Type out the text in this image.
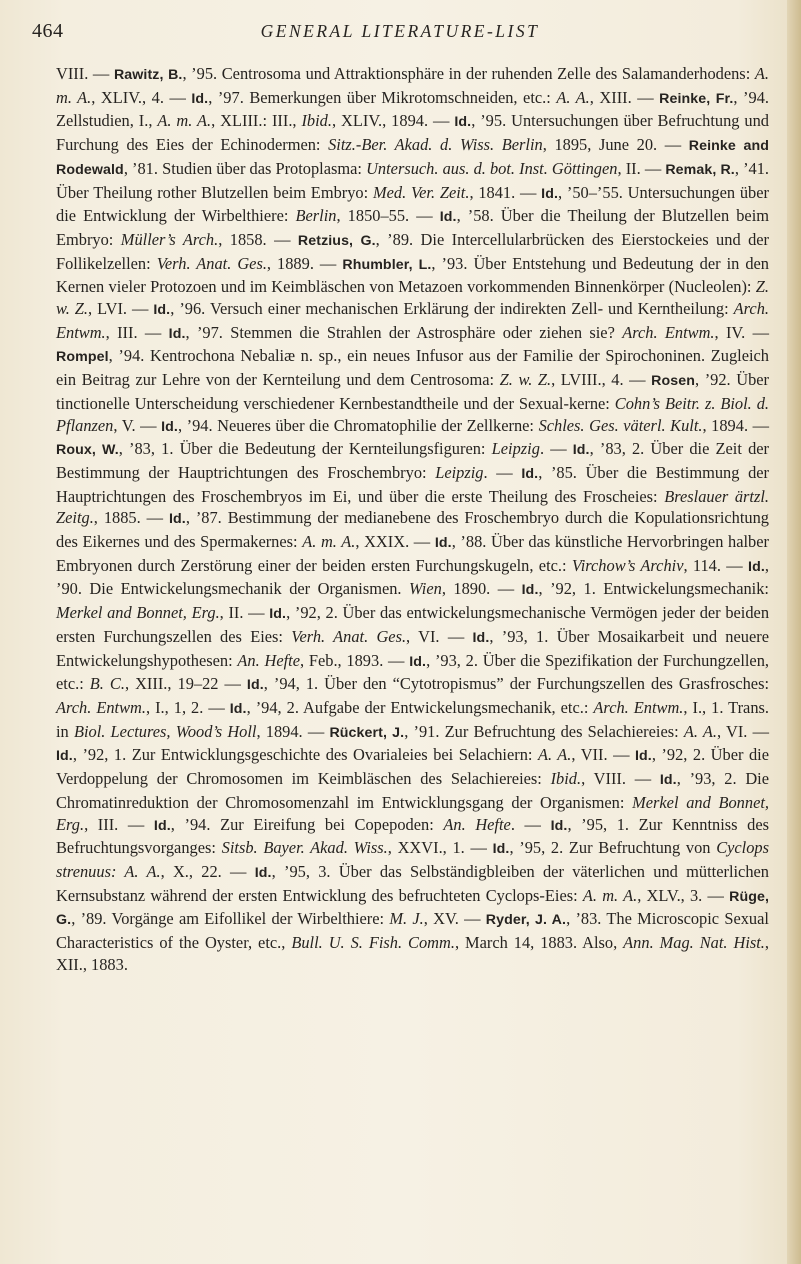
464	GENERAL LITERATURE-LIST
VIII. — Rawitz, B., ’95. Centrosoma und Attraktionsphäre in der ruhenden Zelle des Salamanderhodens: A. m. A., XLIV., 4. — Id., ’97. Bemerkungen über Mikrotomschneiden, etc.: A. A., XIII. — Reinke, Fr., ’94. Zellstudien, I., A. m. A., XLIII.: III., Ibid., XLIV., 1894. — Id., ’95. Untersuchungen über Befruchtung und Furchung des Eies der Echinodermen: Sitz.-Ber. Akad. d. Wiss. Berlin, 1895, June 20. — Reinke and Rodewald, ’81. Studien über das Protoplasma: Untersuch. aus. d. bot. Inst. Göttingen, II. — Remak, R., ’41. Über Theilung rother Blutzellen beim Embryo: Med. Ver. Zeit., 1841. — Id., ’50–’55. Untersuchungen über die Entwicklung der Wirbelthiere: Berlin, 1850–55. — Id., ’58. Über die Theilung der Blutzellen beim Embryo: Müller’s Arch., 1858. — Retzius, G., ’89. Die Intercellularbrücken des Eierstockeies und der Follikelzellen: Verh. Anat. Ges., 1889. — Rhumbler, L., ’93. Über Entstehung und Bedeutung der in den Kernen vieler Protozoen und im Keimbläschen von Metazoen vorkommenden Binnenkörper (Nucleolen): Z. w. Z., LVI. — Id., ’96. Versuch einer mechanischen Erklärung der indirekten Zell- und Kerntheilung: Arch. Entwm., III. — Id., ’97. Stemmen die Strahlen der Astrosphäre oder ziehen sie? Arch. Entwm., IV. — Rompel, ’94. Kentrochona Nebaliæ n. sp., ein neues Infusor aus der Familie der Spirochoninen. Zugleich ein Beitrag zur Lehre von der Kernteilung und dem Centrosoma: Z. w. Z., LVIII., 4. — Rosen, ’92. Über tinctionelle Unterscheidung verschiedener Kernbestandtheile und der Sexual-kerne: Cohn’s Beitr. z. Biol. d. Pflanzen, V. — Id., ’94. Neueres über die Chromatophilie der Zellkerne: Schles. Ges. väterl. Kult., 1894. — Roux, W., ’83, 1. Über die Bedeutung der Kernteilungsfiguren: Leipzig. — Id., ’83, 2. Über die Zeit der Bestimmung der Hauptrichtungen des Froschembryo: Leipzig. — Id., ’85. Über die Bestimmung der Hauptrichtungen des Froschembryos im Ei, und über die erste Theilung des Froscheies: Breslauer ärtzl. Zeitg., 1885. — Id., ’87. Bestimmung der medianebene des Froschembryo durch die Kopulationsrichtung des Eikernes und des Spermakernes: A. m. A., XXIX. — Id., ’88. Über das künstliche Hervorbringen halber Embryonen durch Zerstörung einer der beiden ersten Furchungskugeln, etc.: Virchow’s Archiv, 114. — Id., ’90. Die Entwickelungsmechanik der Organismen. Wien, 1890. — Id., ’92, 1. Entwickelungsmechanik: Merkel and Bonnet, Erg., II. — Id., ’92, 2. Über das entwickelungsmechanische Vermögen jeder der beiden ersten Furchungszellen des Eies: Verh. Anat. Ges., VI. — Id., ’93, 1. Über Mosaikarbeit und neuere Entwickelungshypothesen: An. Hefte, Feb., 1893. — Id., ’93, 2. Über die Spezifikation der Furchungzellen, etc.: B. C., XIII., 19–22 — Id., ’94, 1. Über den “Cytotropismus” der Furchungszellen des Grasfrosches: Arch. Entwm., I., 1, 2. — Id., ’94, 2. Aufgabe der Entwickelungsmechanik, etc.: Arch. Entwm., I., 1. Trans. in Biol. Lectures, Wood’s Holl, 1894. — Rückert, J., ’91. Zur Befruchtung des Selachiereies: A. A., VI. — Id., ’92, 1. Zur Entwicklungsgeschichte des Ovarialeies bei Selachiern: A. A., VII. — Id., ’92, 2. Über die Verdoppelung der Chromosomen im Keimbläschen des Selachiereies: Ibid., VIII. — Id., ’93, 2. Die Chromatinreduktion der Chromosomenzahl im Entwicklungsgang der Organismen: Merkel and Bonnet, Erg., III. — Id., ’94. Zur Eireifung bei Copepoden: An. Hefte. — Id., ’95, 1. Zur Kenntniss des Befruchtungsvorganges: Sitsb. Bayer. Akad. Wiss., XXVI., 1. — Id., ’95, 2. Zur Befruchtung von Cyclops strenuus: A. A., X., 22. — Id., ’95, 3. Über das Selbständigbleiben der väterlichen und mütterlichen Kernsubstanz während der ersten Entwicklung des befruchteten Cyclops-Eies: A. m. A., XLV., 3. — Rüge, G., ’89. Vorgänge am Eifollikel der Wirbelthiere: M. J., XV. — Ryder, J. A., ’83. The Microscopic Sexual Characteristics of the Oyster, etc., Bull. U. S. Fish. Comm., March 14, 1883. Also, Ann. Mag. Nat. Hist., XII., 1883.
